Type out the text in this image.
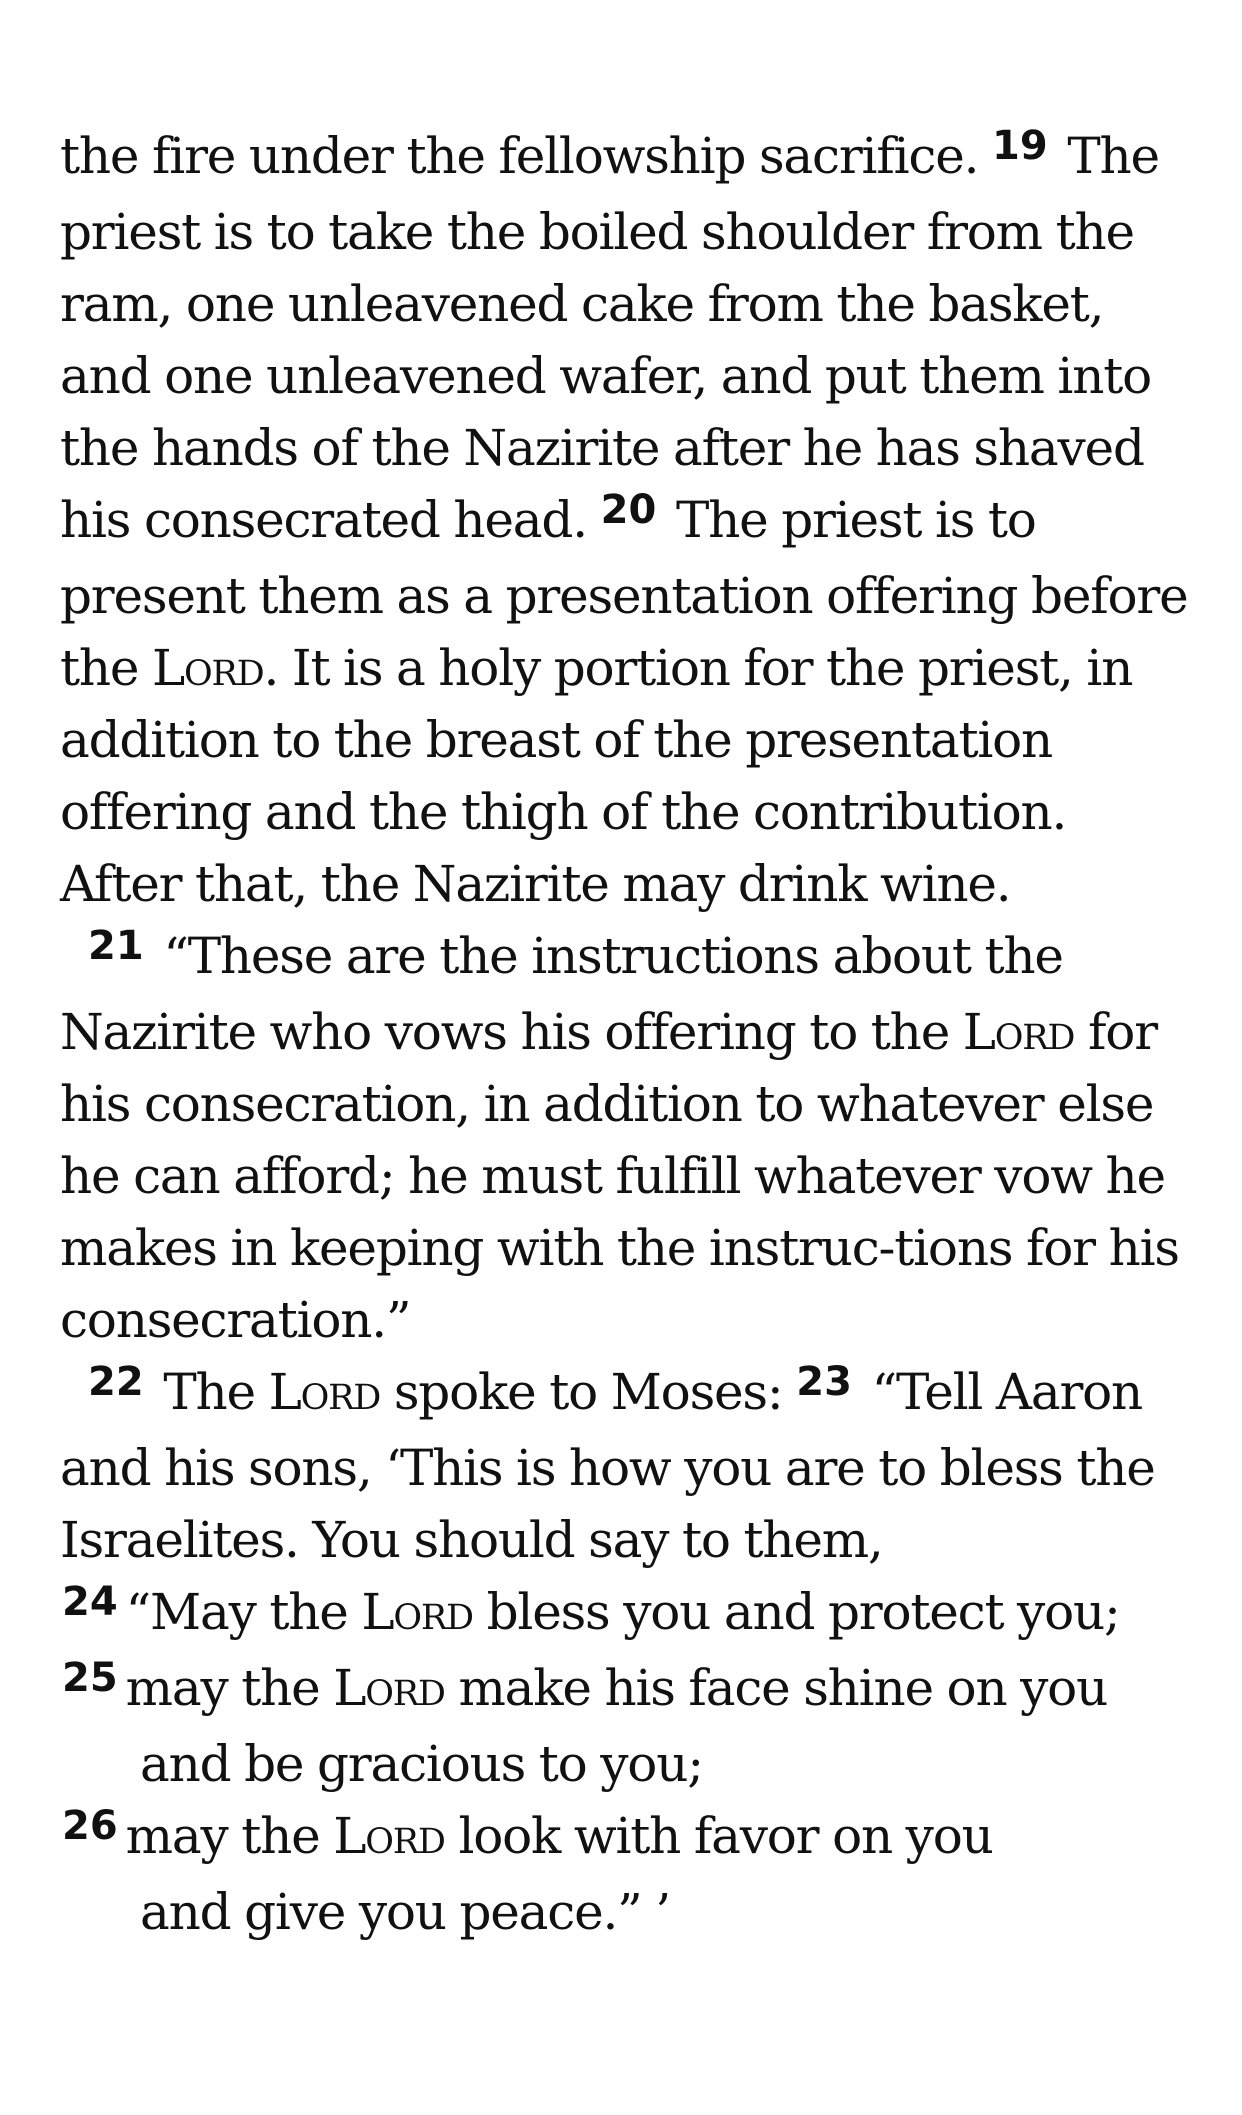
the fire under the fellowship sacrifice. $^{19}$ The priest is to take the boiled shoulder from the ram, one unleavened cake from the basket, and one unleavened wafer, and put them into the hands of the Nazirite after he has shaved his consecrated head. $^{20}$ The priest is to present them as a presentation offering before the Lord. It is a holy portion for the priest, in addition to the breast of the presentation offering and the thigh of the contribution. After that, the Nazirite may drink wine.

$^{21}$ “These are the instructions about the Nazirite who vows his offering to the Lord for his consecration, in addition to whatever else he can afford; he must fulfill whatever vow he makes in keeping with the instruc-tions for his consecration.”

$^{22}$ The Lord spoke to Moses: $^{23}$ “Tell Aaron and his sons, ‘This is how you are to bless the Israelites. You should say to them,

$^{24}$ “May the Lord bless you and protect you;

$^{25}$ may the Lord make his face shine on you

and be gracious to you;

$^{26}$ may the Lord look with favor on you

and give you peace.” ’
